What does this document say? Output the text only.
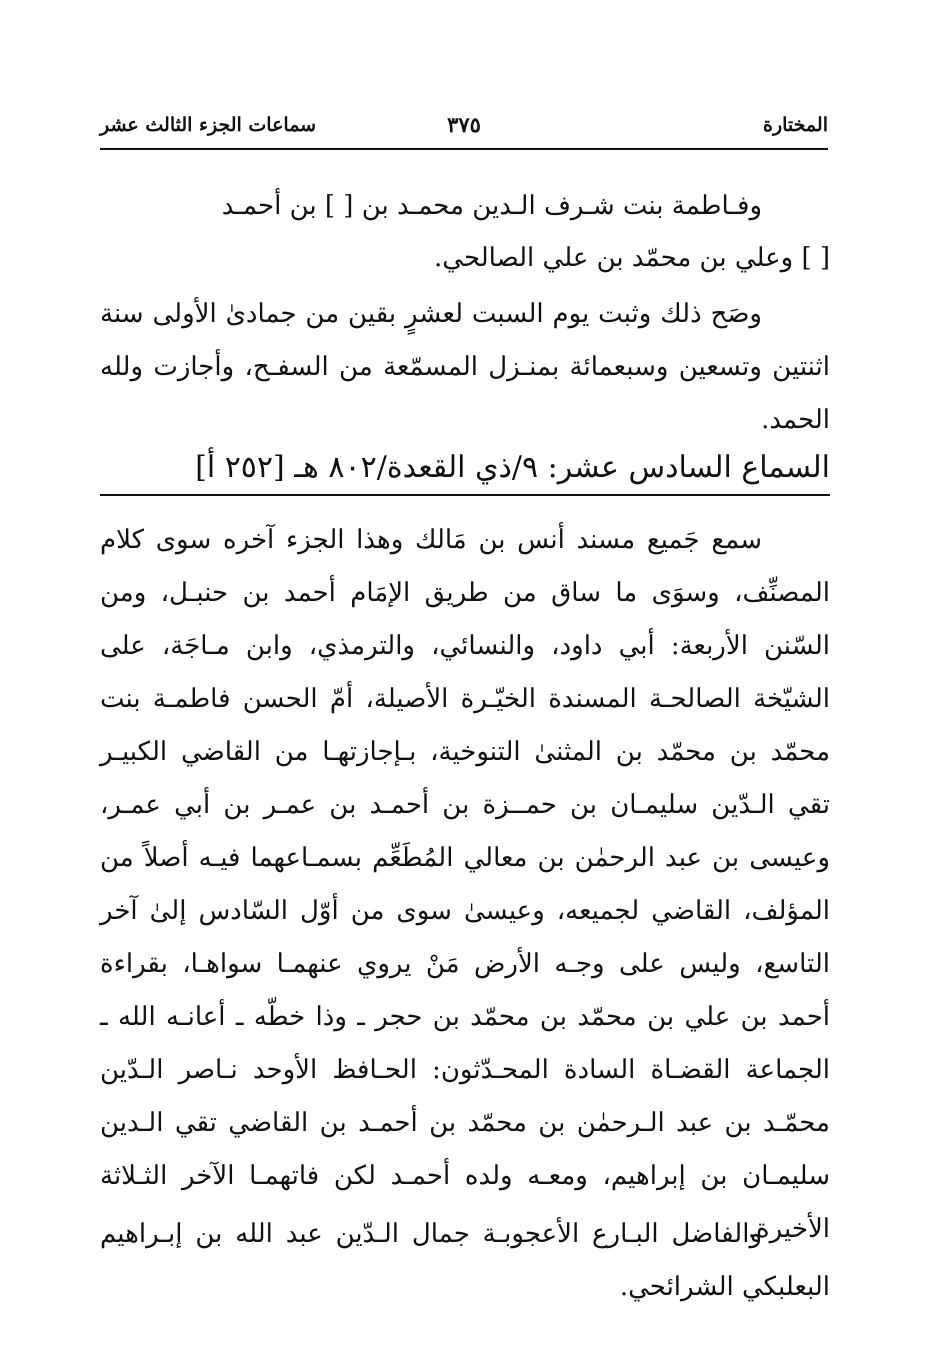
المختارة
٣٧٥
سماعات الجزء الثالث عشر

وفـاطمة بنت شـرف الـدين محمـد بن [ ] بن أحمـد

[ ] وعلي بن محمّد بن علي الصالحي.

وصَح ذلك وثبت يوم السبت لعشرٍ بقين من جمادىٰ الأولى سنة اثنتين وتسعين وسبعمائة بمنـزل المسمّعة من السفـح، وأجازت ولله الحمد.

السماع السادس عشر: ٩/ذي القعدة/٨٠٢ هـ [٢٥٢ أ]

سمع جَميع مسند أنس بن مَالك وهذا الجزء آخره سوى كلام المصنِّف، وسوَى ما ساق من طريق الإمَام أحمد بن حنبـل، ومن السّنن الأربعة: أبي داود، والنسائي، والترمذي، وابن مـاجَة، على الشيّخة الصالحـة المسندة الخيّـرة الأصيلة، أمّ الحسن فاطمـة بنت محمّد بن محمّد بن المثنىٰ التنوخية، بـإجازتهـا من القاضي الكبيـر تقي الـدّين سليمـان بن حمــزة بن أحمـد بن عمـر بن أبي عمـر، وعيسى بن عبد الرحمٰن بن معالي المُطَعِّم بسمـاعهما فيـه أصلاً من المؤلف، القاضي لجميعه، وعيسىٰ سوى من أوّل السّادس إلىٰ آخر التاسع، وليس على وجـه الأرض مَنْ يروي عنهمـا سواهـا، بقراءة أحمد بن علي بن محمّد بن محمّد بن حجر ـ وذا خطّه ـ أعانـه الله ـ الجماعة القضـاة السادة المحـدّثون: الحـافظ الأوحد نـاصر الـدّين محمّـد بن عبد الـرحمٰن بن محمّد بن أحمـد بن القاضي تقي الـدين سليمـان بن إبراهيم، ومعـه ولده أحمـد لكن فاتهمـا الآخر الثـلاثة الأخيرة.

والفاضل البـارع الأعجوبـة جمال الـدّين عبد الله بن إبـراهيم البعلبكي الشرائحي.
